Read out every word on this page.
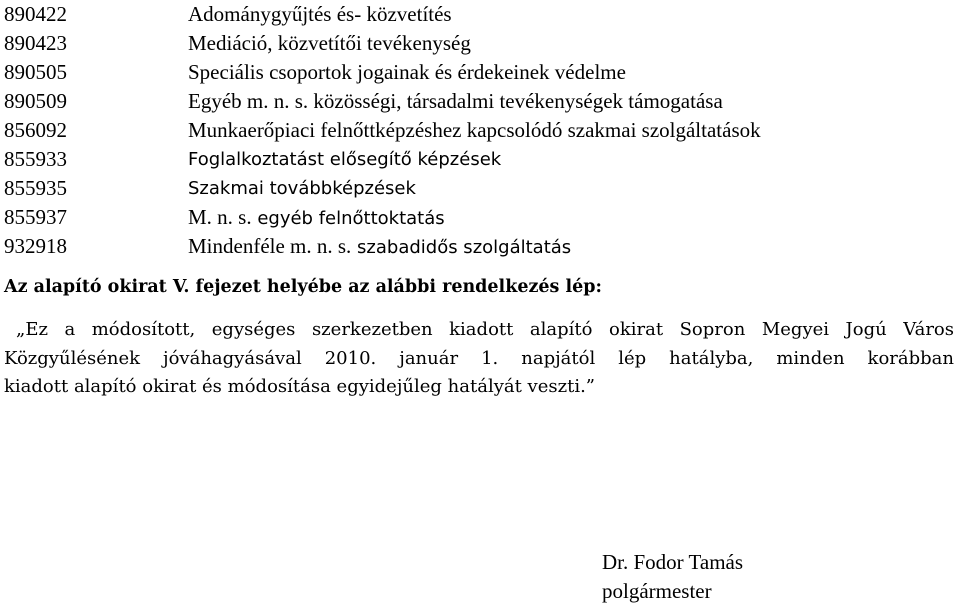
890422	Adománygyűjtés és- közvetítés
890423	Mediáció, közvetítői tevékenység
890505	Speciális csoportok jogainak és érdekeinek védelme
890509	Egyéb m. n. s. közösségi, társadalmi tevékenységek támogatása
856092	Munkaerőpiaci felnőttképzéshez kapcsolódó szakmai szolgáltatások
855933	Foglalkoztatást elősegítő képzések
855935	Szakmai továbbképzések
855937	M. n. s. egyéb felnőttoktatás
932918	Mindenféle m. n. s. szabadidős szolgáltatás
Az alapító okirat V. fejezet helyébe az alábbi rendelkezés lép:
„Ez a módosított, egységes szerkezetben kiadott alapító okirat Sopron Megyei Jogú Város
Közgyűlésének jóváhagyásával 2010. január 1. napjától lép hatályba, minden korábban
kiadott alapító okirat és módosítása egyidejűleg hatályát veszti.”
Dr. Fodor Tamás
polgármester
